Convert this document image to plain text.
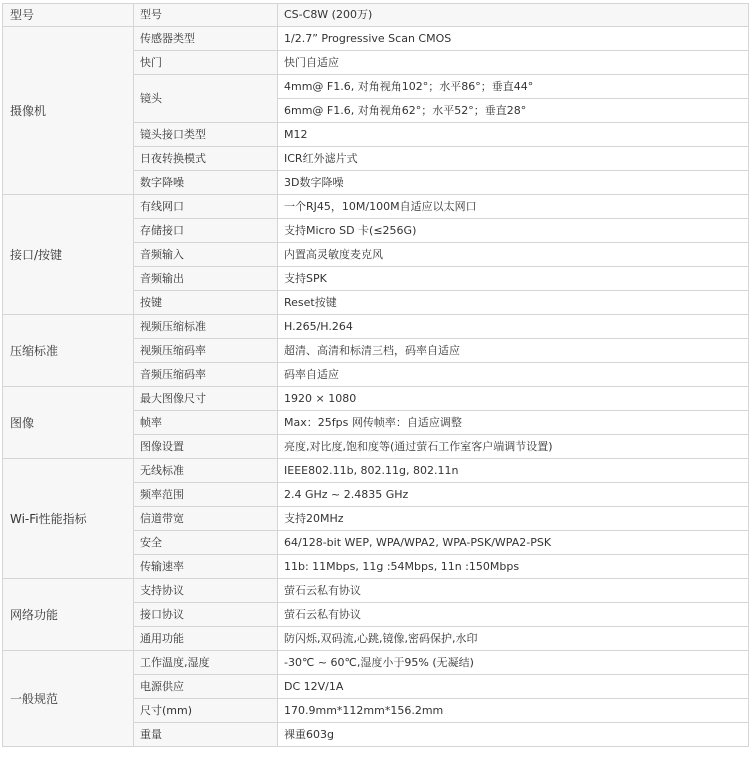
型号	型号	CS-C8W (200万)
摄像机	传感器类型	1/2.7” Progressive Scan CMOS
	快门	快门自适应
	镜头	4mm@ F1.6, 对角视角102°；水平86°；垂直44°
		6mm@ F1.6, 对角视角62°；水平52°；垂直28°
	镜头接口类型	M12
	日夜转换模式	ICR红外滤片式
	数字降噪	3D数字降噪
接口/按键	有线网口	一个RJ45，10M/100M自适应以太网口
	存储接口	支持Micro SD 卡(≤256G)
	音频输入	内置高灵敏度麦克风
	音频输出	支持SPK
	按键	Reset按键
压缩标准	视频压缩标准	H.265/H.264
	视频压缩码率	超清、高清和标清三档，码率自适应
	音频压缩码率	码率自适应
图像	最大图像尺寸	1920 × 1080
	帧率	Max：25fps 网传帧率：自适应调整
	图像设置	亮度,对比度,饱和度等(通过萤石工作室客户端调节设置)
Wi-Fi性能指标	无线标准	IEEE802.11b, 802.11g, 802.11n
	频率范围	2.4 GHz ~ 2.4835 GHz
	信道带宽	支持20MHz
	安全	64/128-bit WEP, WPA/WPA2, WPA-PSK/WPA2-PSK
	传输速率	11b: 11Mbps, 11g :54Mbps, 11n :150Mbps
网络功能	支持协议	萤石云私有协议
	接口协议	萤石云私有协议
	通用功能	防闪烁,双码流,心跳,镜像,密码保护,水印
一般规范	工作温度,湿度	-30℃ ~ 60℃,湿度小于95% (无凝结)
	电源供应	DC 12V/1A
	尺寸(mm)	170.9mm*112mm*156.2mm
	重量	裸重603g
